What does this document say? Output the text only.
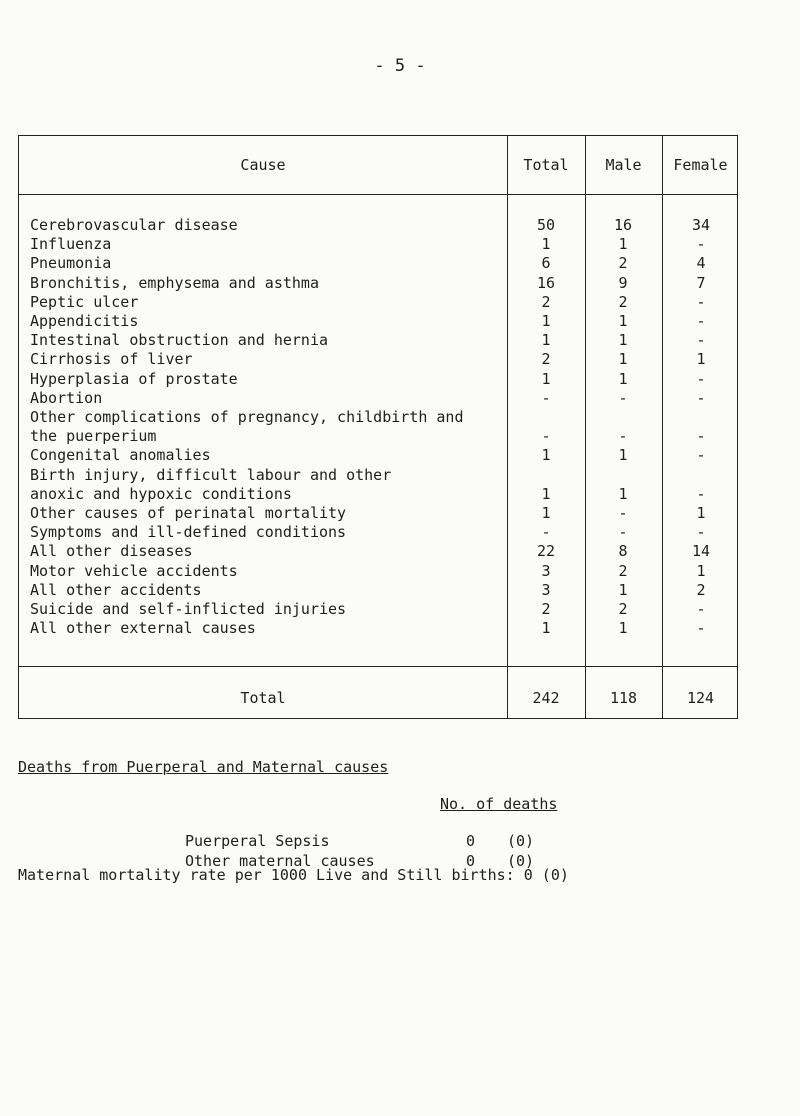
- 5 -
Cause	Total	Male	Female
Cerebrovascular disease	50	16	34
Influenza	1	1	-
Pneumonia	6	2	4
Bronchitis, emphysema and asthma	16	9	7
Peptic ulcer	2	2	-
Appendicitis	1	1	-
Intestinal obstruction and hernia	1	1	-
Cirrhosis of liver	2	1	1
Hyperplasia of prostate	1	1	-
Abortion	-	-	-
Other complications of pregnancy, childbirth and
the puerperium	-	-	-
Congenital anomalies	1	1	-
Birth injury, difficult labour and other
anoxic and hypoxic conditions	1	1	-
Other causes of perinatal mortality	1	-	1
Symptoms and ill-defined conditions	-	-	-
All other diseases	22	8	14
Motor vehicle accidents	3	2	1
All other accidents	3	1	2
Suicide and self-inflicted injuries	2	2	-
All other external causes	1	1	-
Total	242	118	124
Deaths from Puerperal and Maternal causes
No. of deaths
Puerperal Sepsis	0 (0)
Other maternal causes	0 (0)
Maternal mortality rate per 1000 Live and Still births: 0 (0)
